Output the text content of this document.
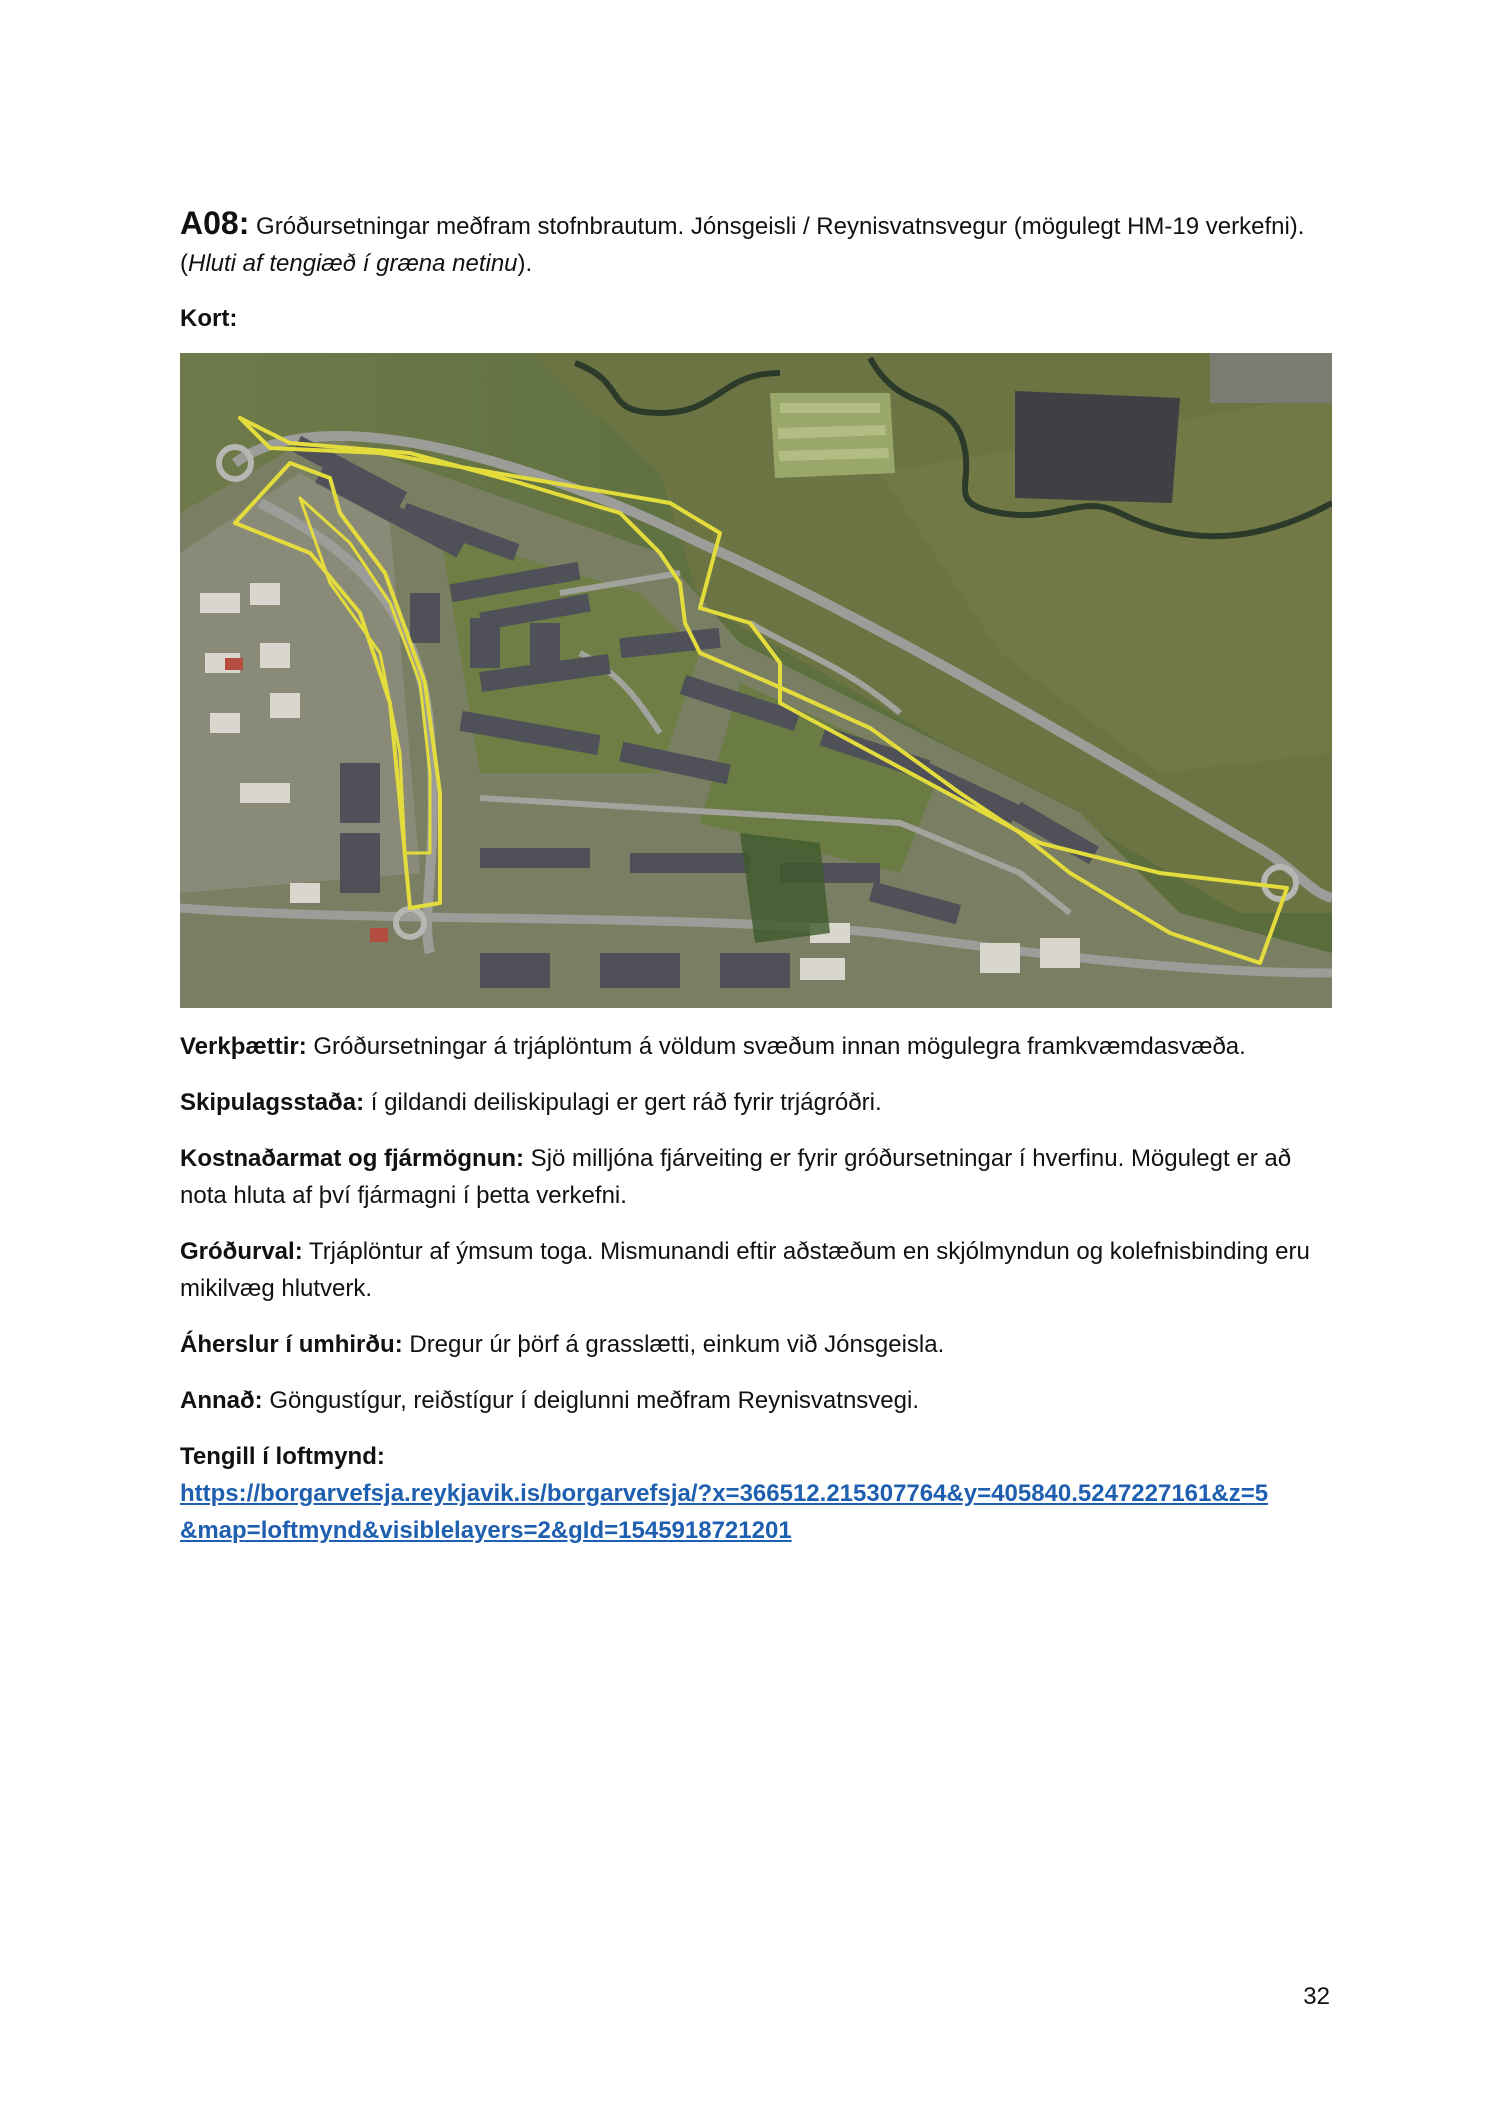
A08: Gróðursetningar meðfram stofnbrautum. Jónsgeisli / Reynisvatnsvegur (mögulegt HM-19 verkefni). (Hluti af tengiæð í græna netinu).

Kort:

Verkþættir: Gróðursetningar á trjáplöntum á völdum svæðum innan mögulegra framkvæmdasvæða.

Skipulagsstaða: í gildandi deiliskipulagi er gert ráð fyrir trjágróðri.

Kostnaðarmat og fjármögnun: Sjö milljóna fjárveiting er fyrir gróðursetningar í hverfinu. Mögulegt er að nota hluta af því fjármagni í þetta verkefni.

Gróðurval: Trjáplöntur af ýmsum toga. Mismunandi eftir aðstæðum en skjólmyndun og kolefnisbinding eru mikilvæg hlutverk.

Áherslur í umhirðu: Dregur úr þörf á grasslætti, einkum við Jónsgeisla.

Annað: Göngustígur, reiðstígur í deiglunni meðfram Reynisvatnsvegi.

Tengill í loftmynd:
https://borgarvefsja.reykjavik.is/borgarvefsja/?x=366512.215307764&y=405840.5247227161&z=5
&map=loftmynd&visiblelayers=2&gId=1545918721201
32
